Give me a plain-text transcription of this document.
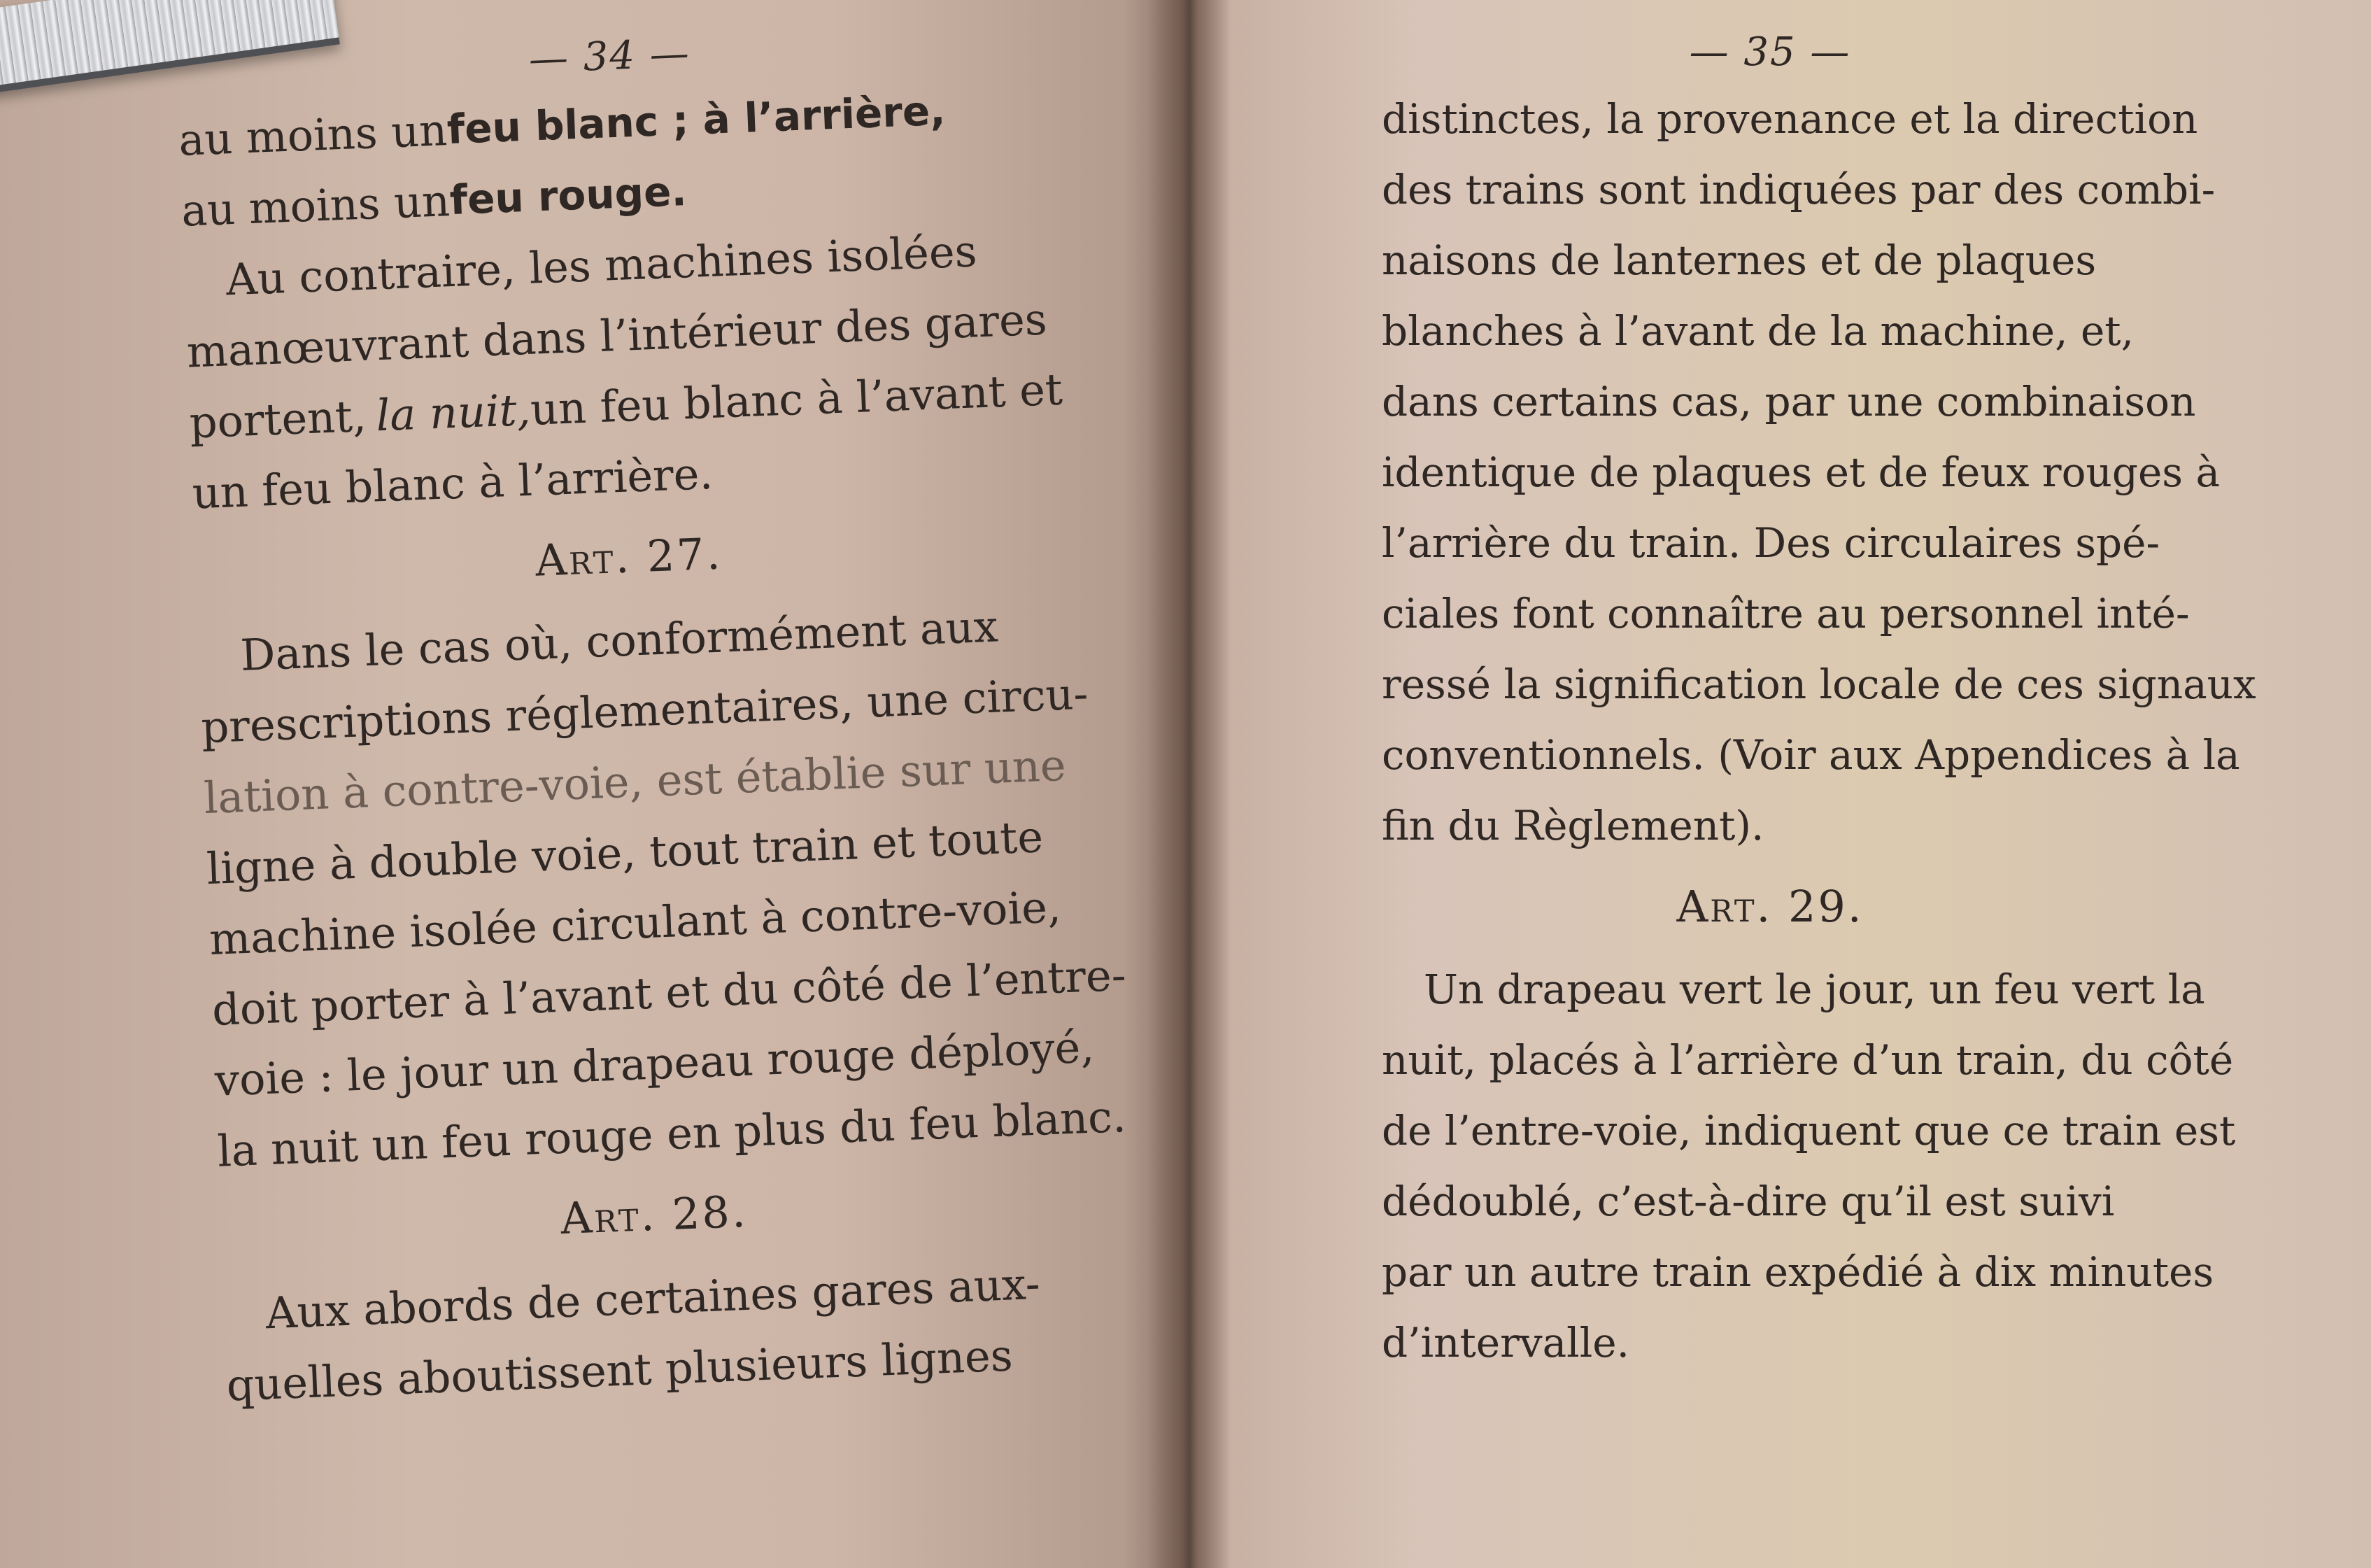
— 34 —
au moins un
feu blanc ; à l’arrière,
au moins un
feu rouge.
Au contraire, les machines isolées
manœuvrant dans l’intérieur des gares
portent, la nuit,
un feu blanc à l’avant et
un feu blanc à l’arrière.
Art. 27.
Dans le cas où, conformément aux
prescriptions réglementaires, une circu-
lation à contre-voie, est établie sur une
ligne à double voie, tout train et toute
machine isolée circulant à contre-voie,
doit porter à l’avant et du côté de l’entre-
voie : le jour un drapeau rouge déployé,
la nuit un feu rouge en plus du feu blanc.
Art. 28.
Aux abords de certaines gares aux-
quelles aboutissent plusieurs lignes
— 35 —
distinctes, la provenance et la direction
des trains sont indiquées par des combi-
naisons de lanternes et de plaques
blanches à l’avant de la machine, et,
dans certains cas, par une combinaison
identique de plaques et de feux rouges à
l’arrière du train. Des circulaires spé-
ciales font connaître au personnel inté-
ressé la signification locale de ces signaux
conventionnels. (Voir aux Appendices à la
fin du Règlement).
Art. 29.
Un drapeau vert le jour, un feu vert la
nuit, placés à l’arrière d’un train, du côté
de l’entre-voie, indiquent que ce train est
dédoublé, c’est-à-dire qu’il est suivi
par un autre train expédié à dix minutes
d’intervalle.
